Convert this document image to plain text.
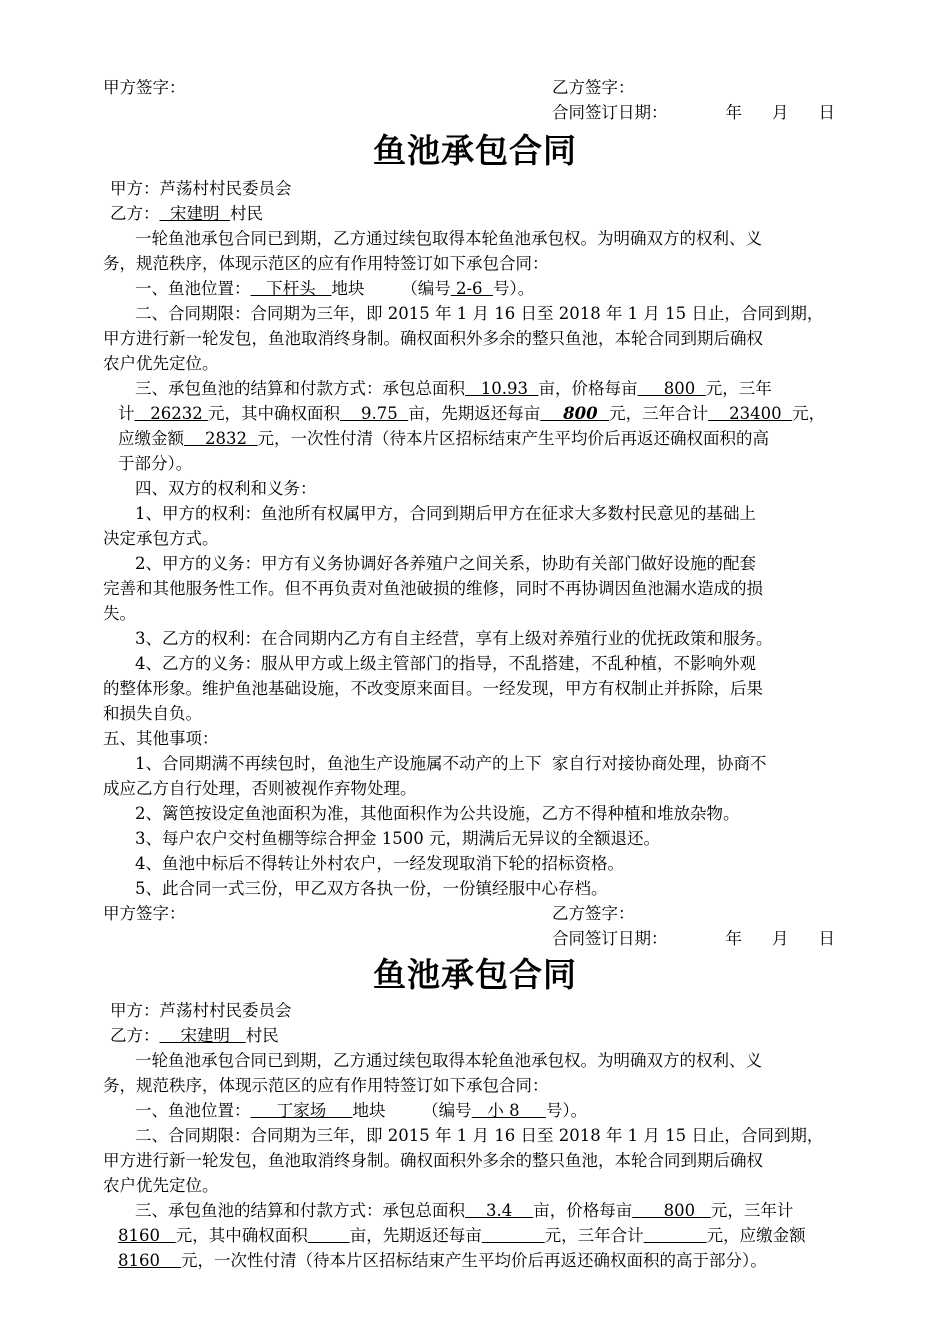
甲方签字：	乙方签字：
合同签订日期：	年 月 日
鱼池承包合同
甲方：芦荡村村民委员会
乙方：  宋建明  村民
一轮鱼池承包合同已到期，乙方通过续包取得本轮鱼池承包权。为明确双方的权利、义
务，规范秩序，体现示范区的应有作用特签订如下承包合同：
一、鱼池位置：   下杆头   地块       （编号 2-6  号）。
二、合同期限：合同期为三年，即 2015 年 1 月 16 日至 2018 年 1 月 15 日止，合同到期，
甲方进行新一轮发包，鱼池取消终身制。确权面积外多余的整只鱼池，本轮合同到期后确权
农户优先定位。
三、承包鱼池的结算和付款方式：承包总面积   10.93  亩，价格每亩     800  元，三年
计   26232 元，其中确权面积    9.75  亩，先期返还每亩    800  元，三年合计    23400  元，
应缴金额    2832  元，一次性付清（待本片区招标结束产生平均价后再返还确权面积的高
于部分）。
四、双方的权利和义务：
1、甲方的权利：鱼池所有权属甲方，合同到期后甲方在征求大多数村民意见的基础上
决定承包方式。
2、甲方的义务：甲方有义务协调好各养殖户之间关系，协助有关部门做好设施的配套
完善和其他服务性工作。但不再负责对鱼池破损的维修，同时不再协调因鱼池漏水造成的损
失。
3、乙方的权利：在合同期内乙方有自主经营，享有上级对养殖行业的优抚政策和服务。
4、乙方的义务：服从甲方或上级主管部门的指导，不乱搭建，不乱种植，不影响外观
的整体形象。维护鱼池基础设施，不改变原来面目。一经发现，甲方有权制止并拆除，后果
和损失自负。
五、其他事项：
1、合同期满不再续包时，鱼池生产设施属不动产的上下  家自行对接协商处理，协商不
成应乙方自行处理，否则被视作弃物处理。
2、篱笆按设定鱼池面积为准，其他面积作为公共设施，乙方不得种植和堆放杂物。
3、每户农户交村鱼棚等综合押金 1500 元，期满后无异议的全额退还。
4、鱼池中标后不得转让外村农户，一经发现取消下轮的招标资格。
5、此合同一式三份，甲乙双方各执一份，一份镇经服中心存档。
甲方签字：	乙方签字：
合同签订日期：	年 月 日
鱼池承包合同
甲方：芦荡村村民委员会
乙方：    宋建明   村民
一轮鱼池承包合同已到期，乙方通过续包取得本轮鱼池承包权。为明确双方的权利、义
务，规范秩序，体现示范区的应有作用特签订如下承包合同：
一、鱼池位置：     丁家场     地块       （编号   小 8     号）。
二、合同期限：合同期为三年，即 2015 年 1 月 16 日至 2018 年 1 月 15 日止，合同到期，
甲方进行新一轮发包，鱼池取消终身制。确权面积外多余的整只鱼池，本轮合同到期后确权
农户优先定位。
三、承包鱼池的结算和付款方式：承包总面积    3.4    亩，价格每亩      800   元，三年计
8160   元，其中确权面积	亩，先期返还每亩	元，三年合计	元，应缴金额
8160    元，一次性付清（待本片区招标结束产生平均价后再返还确权面积的高于部分）。
